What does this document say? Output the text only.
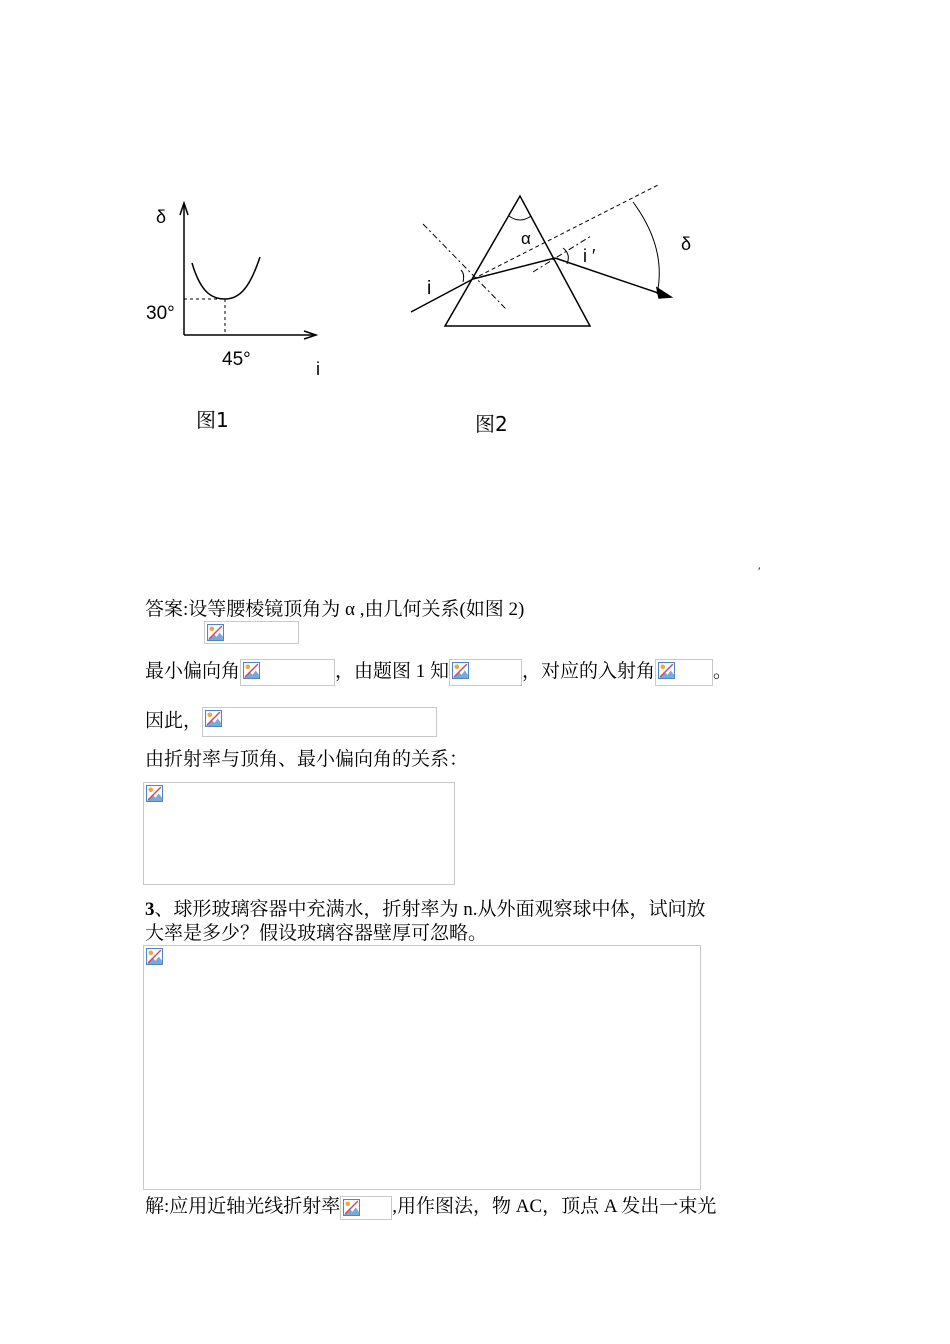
δ
30°
45°	i
图1
α
i
i ′
δ
图2
′
答案:设等腰棱镜顶角为 α ,由几何关系(如图 2)
最小偏向角	，由题图 1 知	，对应的入射角	。
因此，
由折射率与顶角、最小偏向角的关系：
3、球形玻璃容器中充满水，折射率为 n.从外面观察球中体，试问放
大率是多少？假设玻璃容器壁厚可忽略。
解:应用近轴光线折射率	,用作图法，物 AC，顶点 A 发出一束光
